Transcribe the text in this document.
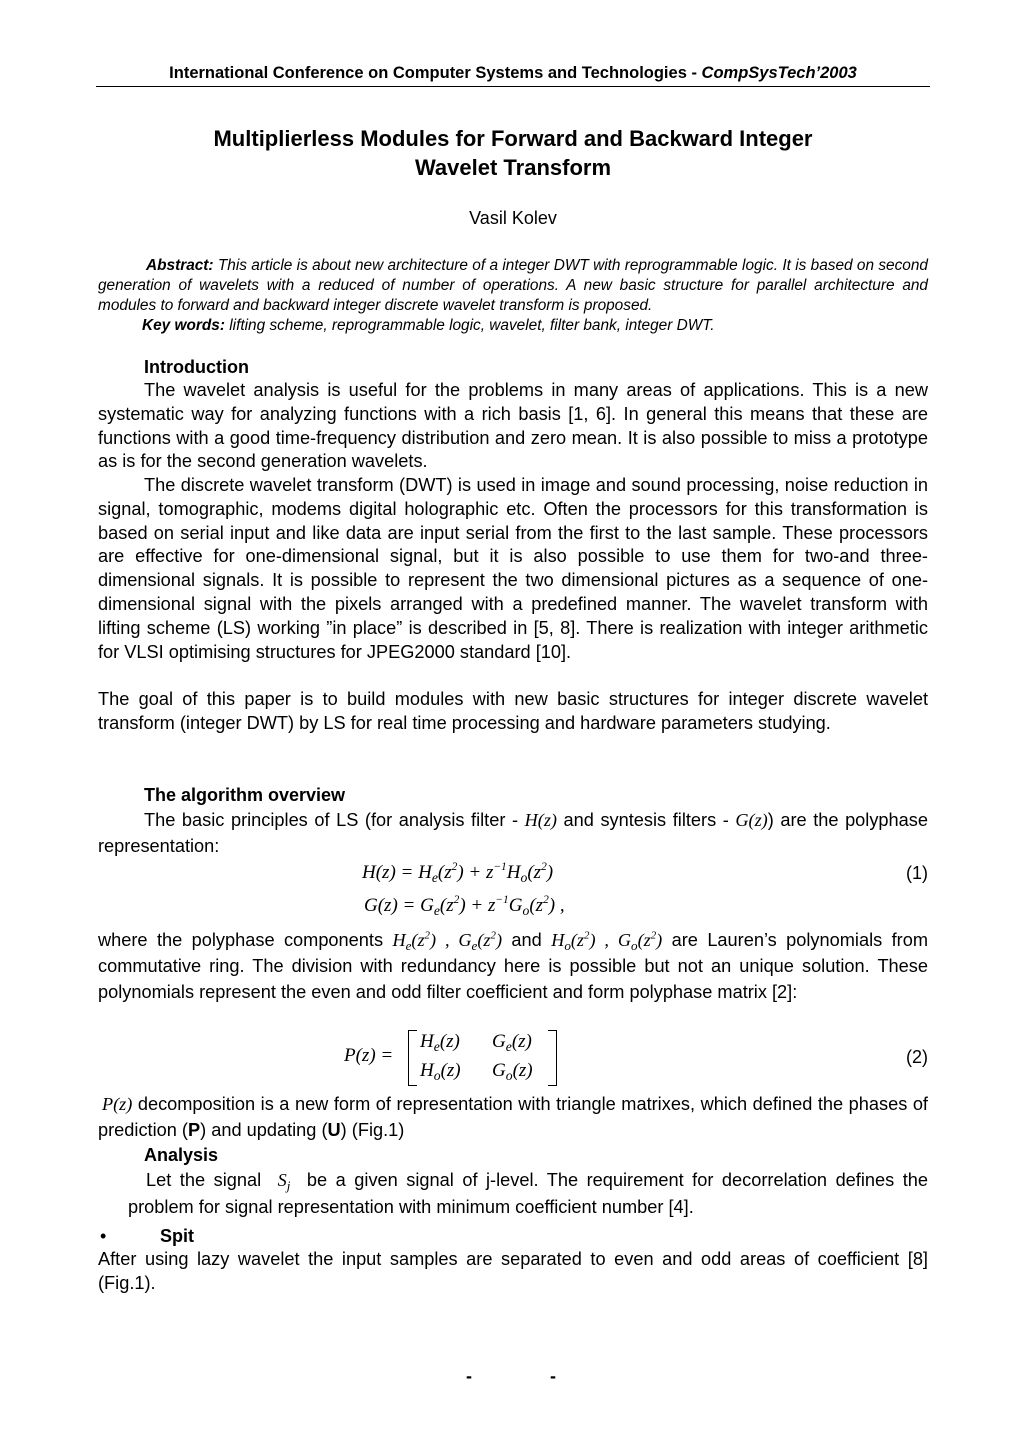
International Conference on Computer Systems and Technologies - CompSysTech’2003
Multiplierless Modules for Forward and Backward Integer
Wavelet Transform
Vasil Kolev

Abstract: This article is about new architecture of a integer DWT with reprogrammable logic. It is based on second generation of wavelets with a reduced of number of operations. A new basic structure for parallel architecture and modules to forward and backward integer discrete wavelet transform is proposed.

Key words: lifting scheme, reprogrammable logic, wavelet, filter bank, integer DWT.

Introduction

The wavelet analysis is useful for the problems in many areas of applications. This is a new systematic way for analyzing functions with a rich basis [1, 6]. In general this means that these are functions with a good time-frequency distribution and zero mean. It is also possible to miss a prototype as is for the second generation wavelets.

The discrete wavelet transform (DWT) is used in image and sound processing, noise reduction in signal, tomographic, modems digital holographic etc. Often the processors for this transformation is based on serial input and like data are input serial from the first to the last sample. These processors are effective for one-dimensional signal, but it is also possible to use them for two-and three-dimensional signals. It is possible to represent the two dimensional pictures as a sequence of one-dimensional signal with the pixels arranged with a predefined manner. The wavelet transform with lifting scheme (LS) working ”in place” is described in [5, 8]. There is realization with integer arithmetic for VLSI optimising structures for JPEG2000 standard [10].

The goal of this paper is to build modules with new basic structures for integer discrete wavelet transform (integer DWT) by LS for real time processing and hardware parameters studying.

The algorithm overview

The basic principles of LS (for analysis filter - H(z) and syntesis filters - G(z)) are the polyphase representation:

$H(z) = H_e(z^2) + z^{-1}H_o(z^2)$	(1)
$G(z) = G_e(z^2) + z^{-1}G_o(z^2)$ ,

where the polyphase components $H_e(z^2)$ , $G_e(z^2)$ and $H_o(z^2)$ , $G_o(z^2)$ are Lauren’s polynomials from commutative ring. The division with redundancy here is possible but not an unique solution. These polynomials represent the even and odd filter coefficient and form polyphase matrix [2]:

P(z) =
$H_e(z)$ $G_e(z)$
$H_o(z)$ $G_o(z)$
(2)

P(z) decomposition is a new form of representation with triangle matrixes, which defined the phases of prediction (P) and updating (U) (Fig.1)

Analysis

Let the signal  $S_j$  be a given signal of j-level. The requirement for decorrelation defines the problem for signal representation with minimum coefficient number [4].

•	Spit

After using lazy wavelet the input samples are separated to even and odd areas of coefficient [8](Fig.1).

-	-
